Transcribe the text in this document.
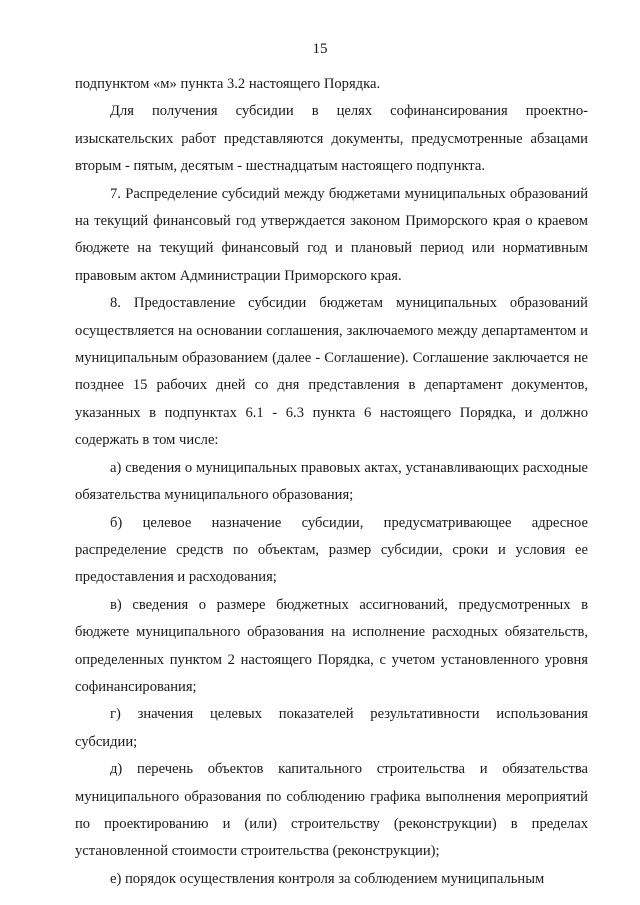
15

подпунктом «м» пункта 3.2 настоящего Порядка.

Для получения субсидии в целях софинансирования проектно-изыскательских работ представляются документы, предусмотренные абзацами вторым - пятым, десятым - шестнадцатым настоящего подпункта.

7. Распределение субсидий между бюджетами муниципальных образований на текущий финансовый год утверждается законом Приморского края о краевом бюджете на текущий финансовый год и плановый период или нормативным правовым актом Администрации Приморского края.

8. Предоставление субсидии бюджетам муниципальных образований осуществляется на основании соглашения, заключаемого между департаментом и муниципальным образованием (далее - Соглашение). Соглашение заключается не позднее 15 рабочих дней со дня представления в департамент документов, указанных в подпунктах 6.1 - 6.3 пункта 6 настоящего Порядка, и должно содержать в том числе:

а) сведения о муниципальных правовых актах, устанавливающих расходные обязательства муниципального образования;

б) целевое назначение субсидии, предусматривающее адресное распределение средств по объектам, размер субсидии, сроки и условия ее предоставления и расходования;

в) сведения о размере бюджетных ассигнований, предусмотренных в бюджете муниципального образования на исполнение расходных обязательств, определенных пунктом 2 настоящего Порядка, с учетом установленного уровня софинансирования;

г) значения целевых показателей результативности использования субсидии;

д) перечень объектов капитального строительства и обязательства муниципального образования по соблюдению графика выполнения мероприятий по проектированию и (или) строительству (реконструкции) в пределах установленной стоимости строительства (реконструкции);

е) порядок осуществления контроля за соблюдением муниципальным
